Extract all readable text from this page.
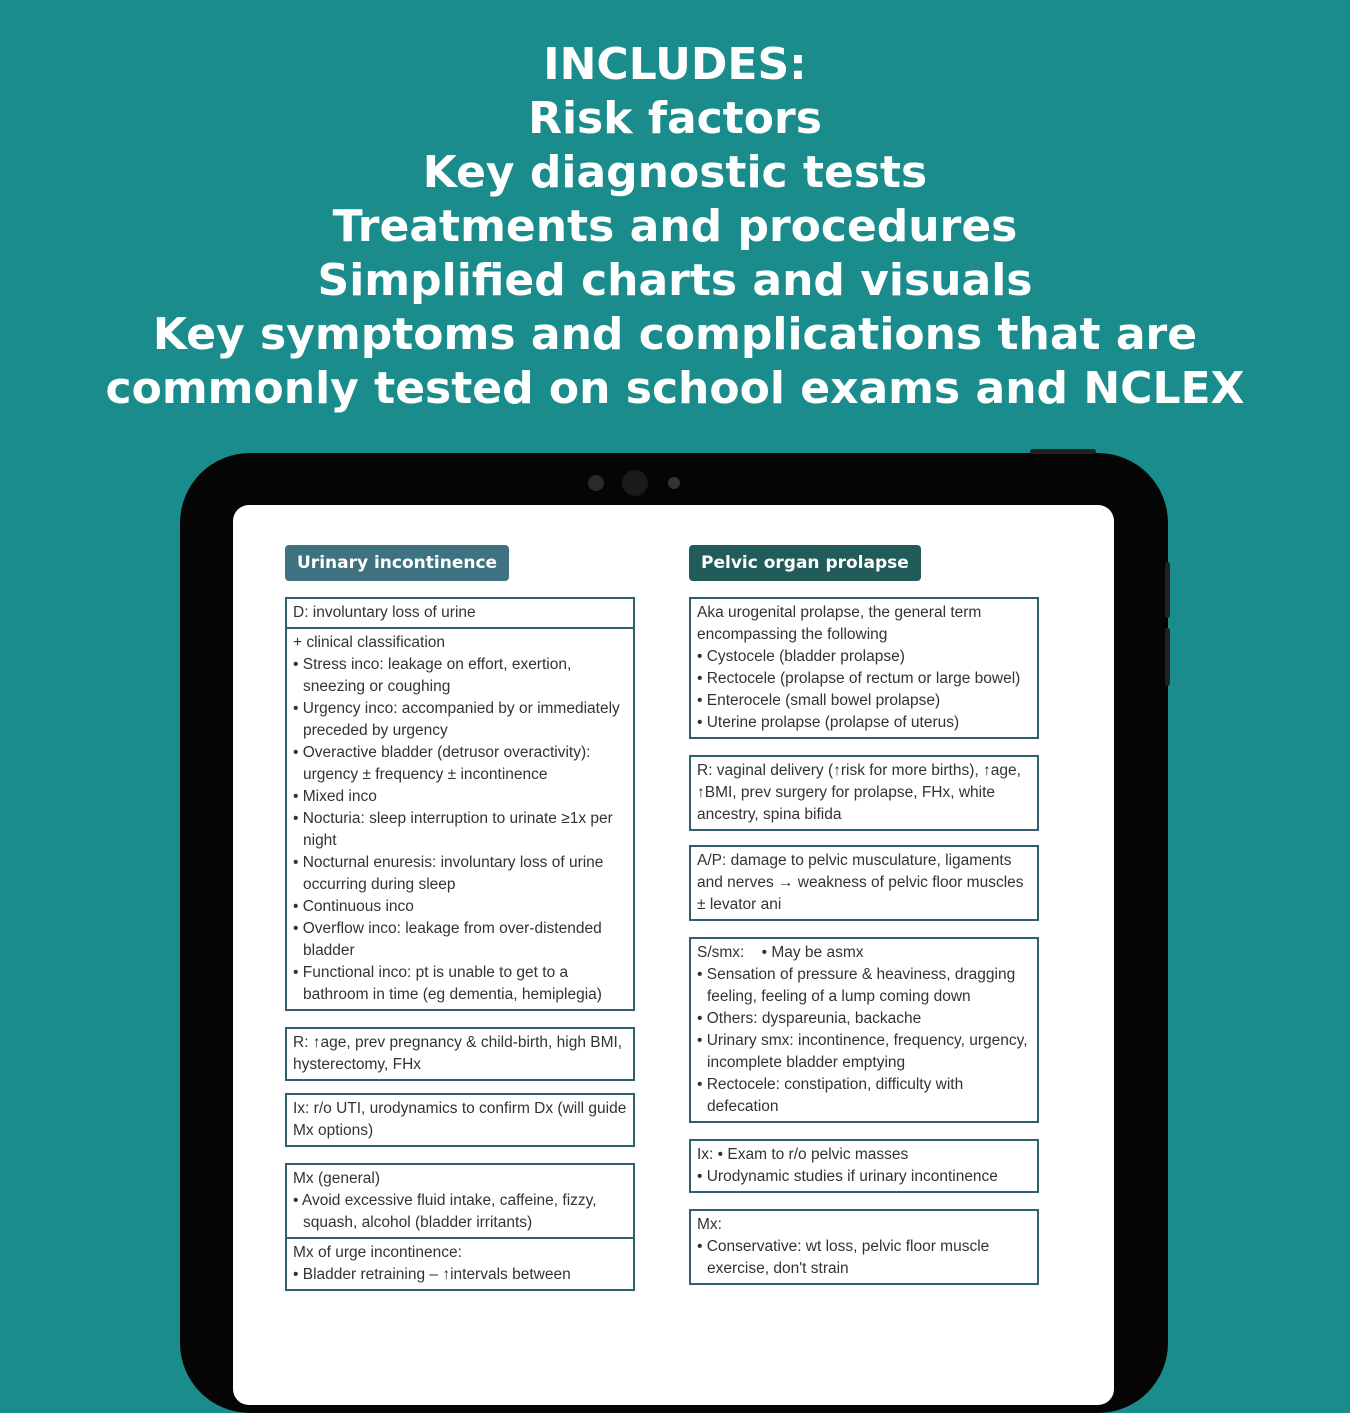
INCLUDES:
Risk factors
Key diagnostic tests
Treatments and procedures
Simplified charts and visuals
Key symptoms and complications that are
commonly tested on school exams and NCLEX
Urinary incontinence
D: involuntary loss of urine
+ clinical classification
• Stress inco: leakage on effort, exertion, sneezing or coughing
• Urgency inco: accompanied by or immediately preceded by urgency
• Overactive bladder (detrusor overactivity): urgency ± frequency ± incontinence
• Mixed inco
• Nocturia: sleep interruption to urinate ≥1x per night
• Nocturnal enuresis: involuntary loss of urine occurring during sleep
• Continuous inco
• Overflow inco: leakage from over-distended bladder
• Functional inco: pt is unable to get to a bathroom in time (eg dementia, hemiplegia)
R: ↑age, prev pregnancy & child-birth, high BMI, hysterectomy, FHx
Ix: r/o UTI, urodynamics to confirm Dx (will guide Mx options)
Mx (general)
• Avoid excessive fluid intake, caffeine, fizzy, squash, alcohol (bladder irritants)
Mx of urge incontinence:
• Bladder retraining – ↑intervals between
Pelvic organ prolapse
Aka urogenital prolapse, the general term encompassing the following
• Cystocele (bladder prolapse)
• Rectocele (prolapse of rectum or large bowel)
• Enterocele (small bowel prolapse)
• Uterine prolapse (prolapse of uterus)
R: vaginal delivery (↑risk for more births), ↑age, ↑BMI, prev surgery for prolapse, FHx, white ancestry, spina bifida
A/P: damage to pelvic musculature, ligaments and nerves → weakness of pelvic floor muscles ± levator ani
S/smx:    • May be asmx
• Sensation of pressure & heaviness, dragging feeling, feeling of a lump coming down
• Others: dyspareunia, backache
• Urinary smx: incontinence, frequency, urgency, incomplete bladder emptying
• Rectocele: constipation, difficulty with defecation
Ix: • Exam to r/o pelvic masses
• Urodynamic studies if urinary incontinence
Mx:
• Conservative: wt loss, pelvic floor muscle exercise, don't strain
